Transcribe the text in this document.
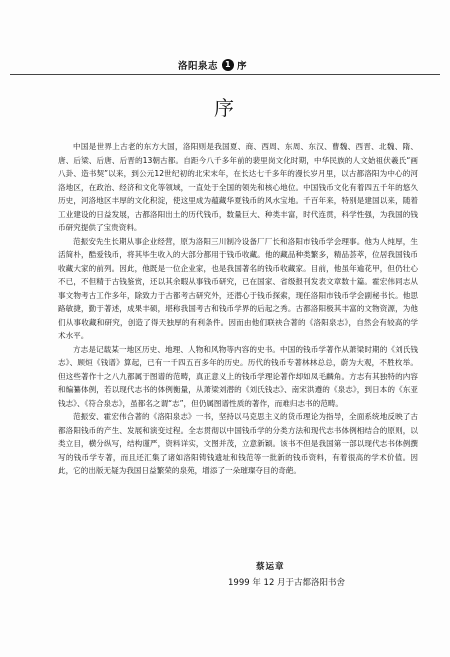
洛阳泉志 1 序
序

中国是世界上古老的东方大国，洛阳则是我国夏、商、西周、东周、东汉、曹魏、西晋、北魏、隋、唐、后梁、后唐、后晋的13朝古都。自距今八千多年前的裴里岗文化时期，中华民族的人文始祖伏羲氏“画八卦、造书契”以来，到公元12世纪初的北宋末年，在长达七千多年的漫长岁月里，以古都洛阳为中心的河洛地区，在政治、经济和文化等领域，一直处于全国的领先和核心地位。中国钱币文化有着四五千年的悠久历史，河洛地区丰厚的文化积淀，使这里成为蕴藏华夏钱币的风水宝地。千百年来，特别是建国以来，随着工业建设的日益发展，古都洛阳出土的历代钱币，数量巨大、种类丰富，时代连贯，科学性强，为我国的钱币研究提供了宝贵资料。

范振安先生长期从事企业经营，原为洛阳三川制冷设备厂厂长和洛阳市钱币学会理事。他为人纯厚，生活简朴，酷爱钱币，将其毕生收入的大部分都用于钱币收藏。他的藏品种类繁多，精品荟萃，位居我国钱币收藏大家的前列。因此，他既是一位企业家，也是我国著名的钱币收藏家。目前，他虽年逾花甲，但仍壮心不已，不但精于古钱鉴赏，还以其余暇从事钱币研究，已在国家、省级报刊发表文章数十篇。霍宏伟同志从事文物考古工作多年，除致力于古都考古研究外，还潜心于钱币探索，现任洛阳市钱币学会副秘书长。他思路敏捷，勤于著述，成果丰硕，堪称我国考古和钱币学界的后起之秀。古都洛阳极其丰富的文物资源，为他们从事收藏和研究，创造了得天独厚的有利条件。因而由他们联袂合著的《洛阳泉志》，自然会有较高的学术水平。

方志是记载某一地区历史、地理、人物和风物等内容的史书。中国的钱币学著作从萧梁时期的《刘氏钱志》、顾烜《钱谱》算起，已有一千四五百多年的历史。历代的钱币专著林林总总，蔚为大观，不胜枚举。但这些著作十之八九都属于图谱的范畴，真正意义上的钱币学理论著作却如凤毛麟角。方志有其独特的内容和编纂体例，若以现代志书的体例衡量，从萧梁刘潜的《刘氏钱志》、南宋洪遵的《泉志》，到日本的《东亚钱志》、《符合泉志》，虽都名之谓“志”，但仍属图谱性质的著作，而难归志书的范畴。

范振安、霍宏伟合著的《洛阳泉志》一书，坚持以马克思主义的货币理论为指导，全面系统地反映了古都洛阳钱币的产生、发展和演变过程。全志贯彻以中国钱币学的分类方法和现代志书体例相结合的原则，以类立目，横分纵写，结构谨严，资料详实，文图并茂，立意新颖。该书不但是我国第一部以现代志书体例撰写的钱币学专著，而且还汇集了诸如洛阳铸钱遗址和钱范等一批新的钱币资料，有着很高的学术价值。因此，它的出版无疑为我国日益繁荣的泉苑，增添了一朵璀璨夺目的奇葩。

蔡运章
1999 年 12 月于古都洛阳书舍
